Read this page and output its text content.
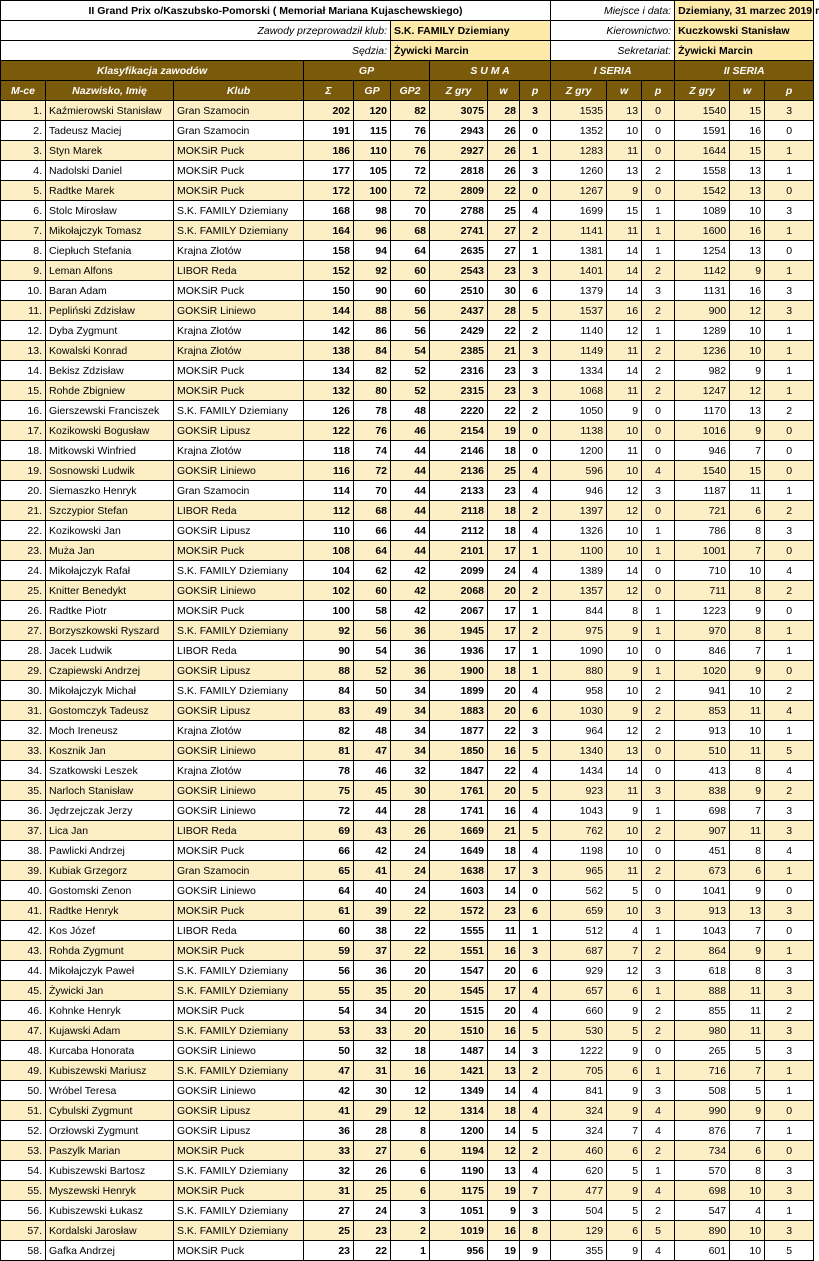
II Grand Prix o/Kaszubsko-Pomorski ( Memoriał Mariana Kujaschewskiego)									Miejsce i data:			Dziemiany, 31 marzec 2019 r		
Zawody przeprowadził klub:					S.K. FAMILY Dziemiany				Kierownictwo:			Kuczkowski Stanisław		
Sędzia:					Żywicki Marcin				Sekretariat:			Żywicki Marcin		
Klasyfikacja zawodów			GP			S U M A			I SERIA			II SERIA		
M-ce	Nazwisko, Imię	Klub	Σ	GP	GP2	Z gry	w	p	Z gry	w	p	Z gry	w	p
1.	Kaźmierowski Stanisław	Gran Szamocin	202	120	82	3075	28	3	1535	13	0	1540	15	3
2.	Tadeusz Maciej	Gran Szamocin	191	115	76	2943	26	0	1352	10	0	1591	16	0
3.	Styn Marek	MOKSiR Puck	186	110	76	2927	26	1	1283	11	0	1644	15	1
4.	Nadolski Daniel	MOKSiR Puck	177	105	72	2818	26	3	1260	13	2	1558	13	1
5.	Radtke Marek	MOKSiR Puck	172	100	72	2809	22	0	1267	9	0	1542	13	0
6.	Stolc Mirosław	S.K. FAMILY Dziemiany	168	98	70	2788	25	4	1699	15	1	1089	10	3
7.	Mikołajczyk Tomasz	S.K. FAMILY Dziemiany	164	96	68	2741	27	2	1141	11	1	1600	16	1
8.	Ciepłuch Stefania	Krajna Złotów	158	94	64	2635	27	1	1381	14	1	1254	13	0
9.	Leman Alfons	LIBOR Reda	152	92	60	2543	23	3	1401	14	2	1142	9	1
10.	Baran Adam	MOKSiR Puck	150	90	60	2510	30	6	1379	14	3	1131	16	3
11.	Pepliński Zdzisław	GOKSiR Liniewo	144	88	56	2437	28	5	1537	16	2	900	12	3
12.	Dyba Zygmunt	Krajna Złotów	142	86	56	2429	22	2	1140	12	1	1289	10	1
13.	Kowalski Konrad	Krajna Złotów	138	84	54	2385	21	3	1149	11	2	1236	10	1
14.	Bekisz Zdzisław	MOKSiR Puck	134	82	52	2316	23	3	1334	14	2	982	9	1
15.	Rohde Zbigniew	MOKSiR Puck	132	80	52	2315	23	3	1068	11	2	1247	12	1
16.	Gierszewski Franciszek	S.K. FAMILY Dziemiany	126	78	48	2220	22	2	1050	9	0	1170	13	2
17.	Kozikowski Bogusław	GOKSiR Lipusz	122	76	46	2154	19	0	1138	10	0	1016	9	0
18.	Mitkowski Winfried	Krajna Złotów	118	74	44	2146	18	0	1200	11	0	946	7	0
19.	Sosnowski Ludwik	GOKSiR Liniewo	116	72	44	2136	25	4	596	10	4	1540	15	0
20.	Siemaszko Henryk	Gran Szamocin	114	70	44	2133	23	4	946	12	3	1187	11	1
21.	Szczypior Stefan	LIBOR Reda	112	68	44	2118	18	2	1397	12	0	721	6	2
22.	Kozikowski Jan	GOKSiR Lipusz	110	66	44	2112	18	4	1326	10	1	786	8	3
23.	Muża Jan	MOKSiR Puck	108	64	44	2101	17	1	1100	10	1	1001	7	0
24.	Mikołajczyk Rafał	S.K. FAMILY Dziemiany	104	62	42	2099	24	4	1389	14	0	710	10	4
25.	Knitter Benedykt	GOKSiR Liniewo	102	60	42	2068	20	2	1357	12	0	711	8	2
26.	Radtke Piotr	MOKSiR Puck	100	58	42	2067	17	1	844	8	1	1223	9	0
27.	Borzyszkowski Ryszard	S.K. FAMILY Dziemiany	92	56	36	1945	17	2	975	9	1	970	8	1
28.	Jacek Ludwik	LIBOR Reda	90	54	36	1936	17	1	1090	10	0	846	7	1
29.	Czapiewski Andrzej	GOKSiR Lipusz	88	52	36	1900	18	1	880	9	1	1020	9	0
30.	Mikołajczyk Michał	S.K. FAMILY Dziemiany	84	50	34	1899	20	4	958	10	2	941	10	2
31.	Gostomczyk Tadeusz	GOKSiR Lipusz	83	49	34	1883	20	6	1030	9	2	853	11	4
32.	Moch Ireneusz	Krajna Złotów	82	48	34	1877	22	3	964	12	2	913	10	1
33.	Kosznik Jan	GOKSiR Liniewo	81	47	34	1850	16	5	1340	13	0	510	11	5
34.	Szatkowski Leszek	Krajna Złotów	78	46	32	1847	22	4	1434	14	0	413	8	4
35.	Narloch Stanisław	GOKSiR Liniewo	75	45	30	1761	20	5	923	11	3	838	9	2
36.	Jędrzejczak Jerzy	GOKSiR Liniewo	72	44	28	1741	16	4	1043	9	1	698	7	3
37.	Lica Jan	LIBOR Reda	69	43	26	1669	21	5	762	10	2	907	11	3
38.	Pawlicki Andrzej	MOKSiR Puck	66	42	24	1649	18	4	1198	10	0	451	8	4
39.	Kubiak Grzegorz	Gran Szamocin	65	41	24	1638	17	3	965	11	2	673	6	1
40.	Gostomski Zenon	GOKSiR Liniewo	64	40	24	1603	14	0	562	5	0	1041	9	0
41.	Radtke Henryk	MOKSiR Puck	61	39	22	1572	23	6	659	10	3	913	13	3
42.	Kos Józef	LIBOR Reda	60	38	22	1555	11	1	512	4	1	1043	7	0
43.	Rohda Zygmunt	MOKSiR Puck	59	37	22	1551	16	3	687	7	2	864	9	1
44.	Mikołajczyk Paweł	S.K. FAMILY Dziemiany	56	36	20	1547	20	6	929	12	3	618	8	3
45.	Żywicki Jan	S.K. FAMILY Dziemiany	55	35	20	1545	17	4	657	6	1	888	11	3
46.	Kohnke Henryk	MOKSiR Puck	54	34	20	1515	20	4	660	9	2	855	11	2
47.	Kujawski Adam	S.K. FAMILY Dziemiany	53	33	20	1510	16	5	530	5	2	980	11	3
48.	Kurcaba Honorata	GOKSiR Liniewo	50	32	18	1487	14	3	1222	9	0	265	5	3
49.	Kubiszewski Mariusz	S.K. FAMILY Dziemiany	47	31	16	1421	13	2	705	6	1	716	7	1
50.	Wróbel Teresa	GOKSiR Liniewo	42	30	12	1349	14	4	841	9	3	508	5	1
51.	Cybulski Zygmunt	GOKSiR Lipusz	41	29	12	1314	18	4	324	9	4	990	9	0
52.	Orzłowski Zygmunt	GOKSiR Lipusz	36	28	8	1200	14	5	324	7	4	876	7	1
53.	Paszylk Marian	MOKSiR Puck	33	27	6	1194	12	2	460	6	2	734	6	0
54.	Kubiszewski Bartosz	S.K. FAMILY Dziemiany	32	26	6	1190	13	4	620	5	1	570	8	3
55.	Myszewski Henryk	MOKSiR Puck	31	25	6	1175	19	7	477	9	4	698	10	3
56.	Kubiszewski Łukasz	S.K. FAMILY Dziemiany	27	24	3	1051	9	3	504	5	2	547	4	1
57.	Kordalski Jarosław	S.K. FAMILY Dziemiany	25	23	2	1019	16	8	129	6	5	890	10	3
58.	Gafka Andrzej	MOKSiR Puck	23	22	1	956	19	9	355	9	4	601	10	5
